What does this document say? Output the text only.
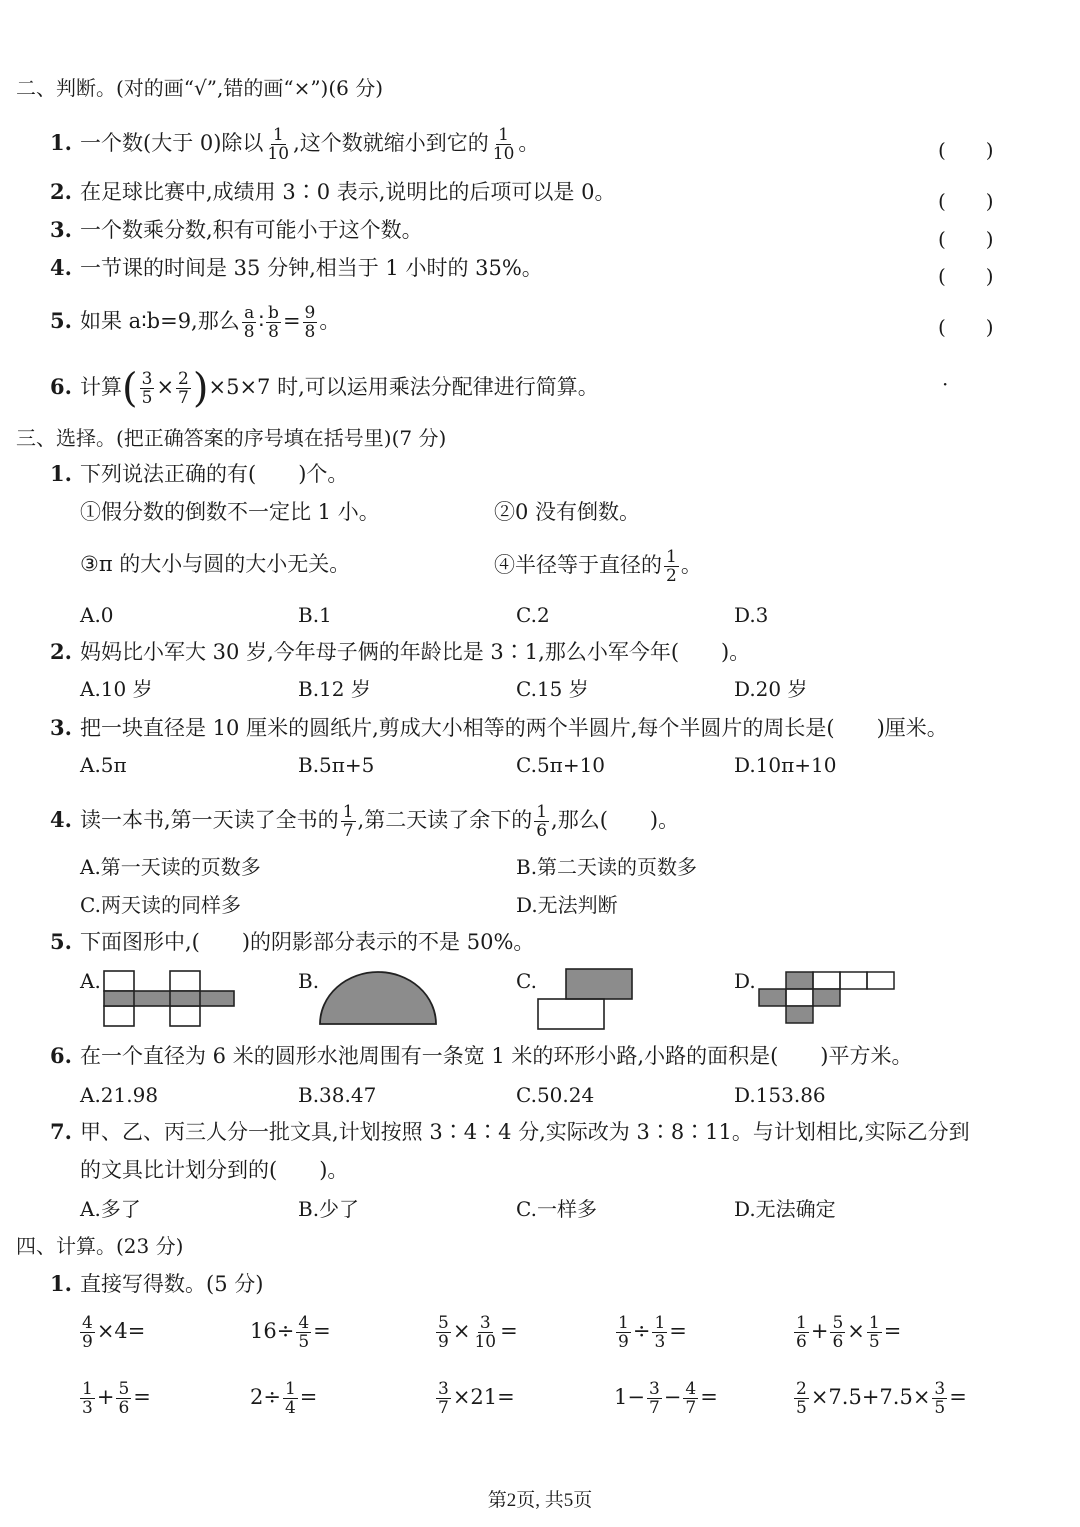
二、判断。(对的画“√”,错的画“×”)(6 分)
1. 一个数(大于 0)除以 $\frac{1}{10}$ ,这个数就缩小到它的 $\frac{1}{10}$ 。	(　　)
2. 在足球比赛中,成绩用 3∶0 表示,说明比的后项可以是 0。	(　　)
3. 一个数乘分数,积有可能小于这个数。	(　　)
4. 一节课的时间是 35 分钟,相当于 1 小时的 35%。	(　　)
5. 如果 a∶b=9,那么 $\frac{a}{8}$ ∶ $\frac{b}{8} = \frac{9}{8}$ 。	(　　)
6. 计算( $\frac{3}{5} \times \frac{2}{7} )\times 5\times 7$ 时,可以运用乘法分配律进行简算。	·
三、选择。(把正确答案的序号填在括号里)(7 分)
1. 下列说法正确的有(　　)个。
①假分数的倒数不一定比 1 小。	②0 没有倒数。
③π 的大小与圆的大小无关。	④半径等于直径的 $\frac{1}{2}$ 。
A.0	B.1	C.2	D.3
2. 妈妈比小军大 30 岁,今年母子俩的年龄比是 3∶1,那么小军今年(　　)。
A.10 岁	B.12 岁	C.15 岁	D.20 岁
3. 把一块直径是 10 厘米的圆纸片,剪成大小相等的两个半圆片,每个半圆片的周长是(　　)厘米。
A.5π	B.5π+5	C.5π+10	D.10π+10
4. 读一本书,第一天读了全书的 $\frac{1}{7}$ ,第二天读了余下的 $\frac{1}{6}$ ,那么(　　)。
A.第一天读的页数多	B.第二天读的页数多
C.两天读的同样多	D.无法判断
5. 下面图形中,(　　)的阴影部分表示的不是 50%。
A.	B.	C.	D.
6. 在一个直径为 6 米的圆形水池周围有一条宽 1 米的环形小路,小路的面积是(　　)平方米。
A.21.98	B.38.47	C.50.24	D.153.86
7. 甲、乙、丙三人分一批文具,计划按照 3∶4∶4 分,实际改为 3∶8∶11。与计划相比,实际乙分到
的文具比计划分到的(　　)。
A.多了	B.少了	C.一样多	D.无法确定
四、计算。(23 分)
1. 直接写得数。(5 分)
$\frac{4}{9} \times 4=$	$16\div \frac{4}{5}$ =	$\frac{5}{9} \times \frac{3}{10}$ =	$\frac{1}{9} \div \frac{1}{3}$ =	$\frac{1}{6} + \frac{5}{6} \times \frac{1}{5}$ =
$\frac{1}{3} + \frac{5}{6}$ =	$2\div \frac{1}{4}$ =	$\frac{3}{7} \times 21=$	$1- \frac{3}{7} - \frac{4}{7}$ =	$\frac{2}{5} \times 7.5+7.5\times \frac{3}{5}$ =
第2页, 共5页
